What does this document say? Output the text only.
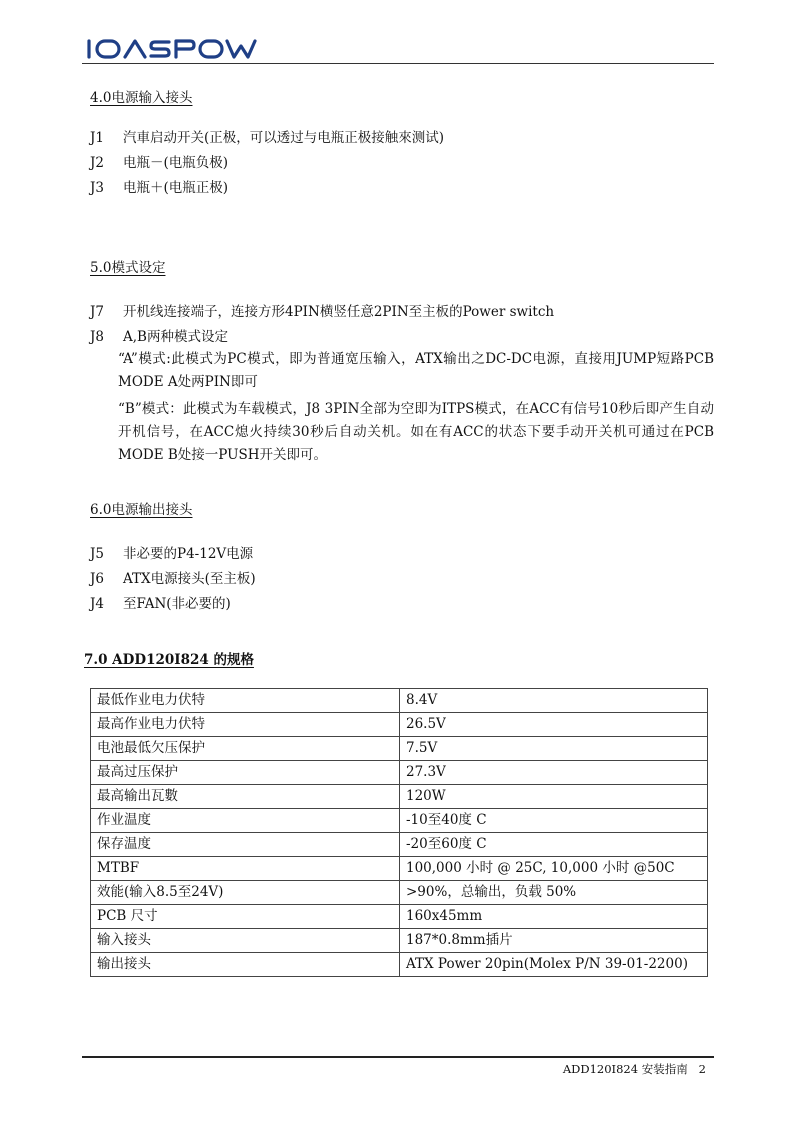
4.0电源输入接头
J1 汽車启动开关(正极，可以透过与电瓶正极接触來测试)
J2 电瓶－(电瓶负极)
J3 电瓶＋(电瓶正极)
5.0模式设定
J7 开机线连接端子，连接方形4PIN横竖任意2PIN至主板的Power switch
J8 A,B两种模式设定
“A”模式:此模式为PC模式，即为普通宽压输入，ATX输出之DC-DC电源，直接用JUMP短路PCB MODE A处两PIN即可
“B”模式：此模式为车载模式，J8 3PIN全部为空即为ITPS模式，在ACC有信号10秒后即产生自动开机信号，在ACC熄火持续30秒后自动关机。如在有ACC的状态下要手动开关机可通过在PCB MODE B处接一PUSH开关即可。
6.0电源输出接头
J5 非必要的P4-12V电源
J6 ATX电源接头(至主板)
J4 至FAN(非必要的)
7.0 ADD120I824 的规格
最低作业电力伏特	8.4V
最高作业电力伏特	26.5V
电池最低欠压保护	7.5V
最高过压保护	27.3V
最高输出瓦數	120W
作业温度	-10至40度 C
保存温度	-20至60度 C
MTBF	100,000 小时 @ 25C, 10,000 小时 @50C
效能(输入8.5至24V)	>90%，总输出，负载 50%
PCB 尺寸	160x45mm
输入接头	187*0.8mm插片
输出接头	ATX Power 20pin(Molex P/N 39-01-2200)
ADD120I824 安装指南 2
